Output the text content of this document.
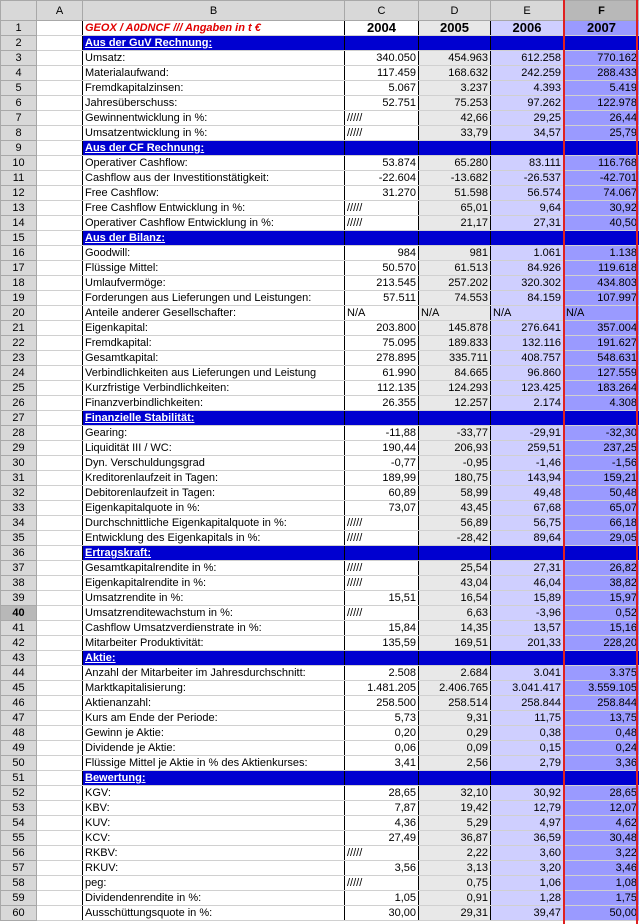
	A	B	C	D	E	F
1		GEOX / A0DNCF /// Angaben in t €	2004	2005	2006	2007
2		Aus der GuV Rechnung:				
3		Umsatz:	340.050	454.963	612.258	770.162
4		Materialaufwand:	117.459	168.632	242.259	288.433
5		Fremdkapitalzinsen:	5.067	3.237	4.393	5.419
6		Jahresüberschuss:	52.751	75.253	97.262	122.978
7		Gewinnentwicklung in %:	/////	42,66	29,25	26,44
8		Umsatzentwicklung in %:	/////	33,79	34,57	25,79
9		Aus der CF Rechnung:				
10		Operativer Cashflow:	53.874	65.280	83.111	116.768
11		Cashflow aus der Investitionstätigkeit:	-22.604	-13.682	-26.537	-42.701
12		Free Cashflow:	31.270	51.598	56.574	74.067
13		Free Cashflow Entwicklung in %:	/////	65,01	9,64	30,92
14		Operativer Cashflow Entwicklung in %:	/////	21,17	27,31	40,50
15		Aus der Bilanz:				
16		Goodwill:	984	981	1.061	1.138
17		Flüssige Mittel:	50.570	61.513	84.926	119.618
18		Umlaufvermöge:	213.545	257.202	320.302	434.803
19		Forderungen aus Lieferungen und Leistungen:	57.511	74.553	84.159	107.997
20		Anteile anderer Gesellschafter:	N/A	N/A	N/A	N/A
21		Eigenkapital:	203.800	145.878	276.641	357.004
22		Fremdkapital:	75.095	189.833	132.116	191.627
23		Gesamtkapital:	278.895	335.711	408.757	548.631
24		Verbindlichkeiten aus Lieferungen und Leistung	61.990	84.665	96.860	127.559
25		Kurzfristige Verbindlichkeiten:	112.135	124.293	123.425	183.264
26		Finanzverbindlichkeiten:	26.355	12.257	2.174	4.308
27		Finanzielle Stabilität:				
28		Gearing:	-11,88	-33,77	-29,91	-32,30
29		Liquidität III / WC:	190,44	206,93	259,51	237,25
30		Dyn. Verschuldungsgrad	-0,77	-0,95	-1,46	-1,56
31		Kreditorenlaufzeit in Tagen:	189,99	180,75	143,94	159,21
32		Debitorenlaufzeit in Tagen:	60,89	58,99	49,48	50,48
33		Eigenkapitalquote in %:	73,07	43,45	67,68	65,07
34		Durchschnittliche Eigenkapitalquote in %:	/////	56,89	56,75	66,18
35		Entwicklung des Eigenkapitals in %:	/////	-28,42	89,64	29,05
36		Ertragskraft:				
37		Gesamtkapitalrendite in %:	/////	25,54	27,31	26,82
38		Eigenkapitalrendite in %:	/////	43,04	46,04	38,82
39		Umsatzrendite in %:	15,51	16,54	15,89	15,97
40		Umsatzrenditewachstum in %:	/////	6,63	-3,96	0,52
41		Cashflow Umsatzverdienstrate in %:	15,84	14,35	13,57	15,16
42		Mitarbeiter Produktivität:	135,59	169,51	201,33	228,20
43		Aktie:				
44		Anzahl der Mitarbeiter im Jahresdurchschnitt:	2.508	2.684	3.041	3.375
45		Marktkapitalisierung:	1.481.205	2.406.765	3.041.417	3.559.105
46		Aktienanzahl:	258.500	258.514	258.844	258.844
47		Kurs am Ende der Periode:	5,73	9,31	11,75	13,75
48		Gewinn je Aktie:	0,20	0,29	0,38	0,48
49		Dividende je Aktie:	0,06	0,09	0,15	0,24
50		Flüssige Mittel je Aktie in % des Aktienkurses:	3,41	2,56	2,79	3,36
51		Bewertung:				
52		KGV:	28,65	32,10	30,92	28,65
53		KBV:	7,87	19,42	12,79	12,07
54		KUV:	4,36	5,29	4,97	4,62
55		KCV:	27,49	36,87	36,59	30,48
56		RKBV:	/////	2,22	3,60	3,22
57		RKUV:	3,56	3,13	3,20	3,46
58		peg:	/////	0,75	1,06	1,08
59		Dividendenrendite in %:	1,05	0,91	1,28	1,75
60		Ausschüttungsquote in %:	30,00	29,31	39,47	50,00
